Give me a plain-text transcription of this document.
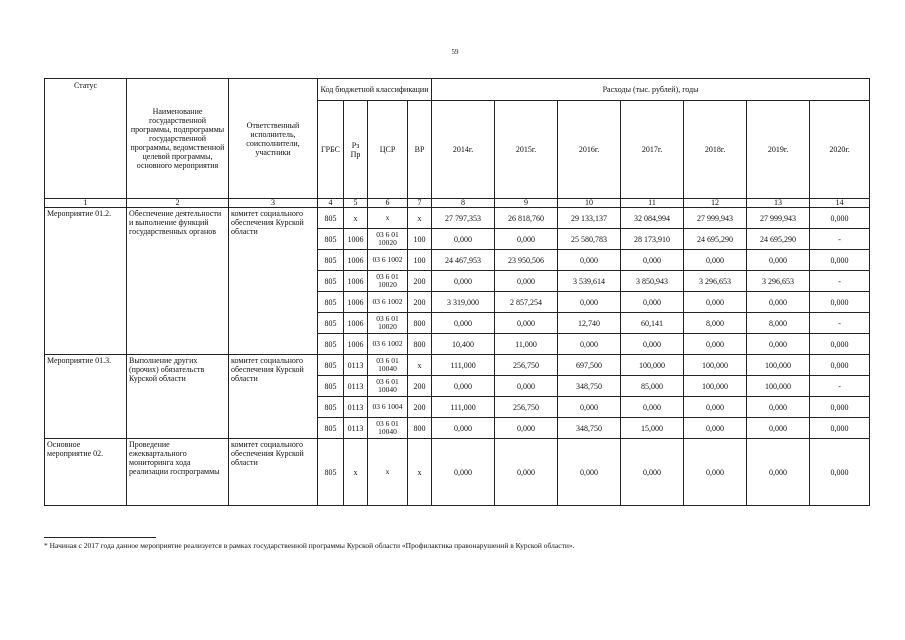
59
Статус	Наименование государственной программы, подпрограммы государственной программы, ведомственной целевой программы, основного мероприятия	Ответственный исполнитель, соисполнители, участники	Код бюджетной классификации				Расходы (тыс. рублей), годы						
			ГРБС	Рз Пр	ЦСР	ВР	2014г.	2015г.	2016г.	2017г.	2018г.	2019г.	2020г.
1	2	3	4	5	6	7	8	9	10	11	12	13	14
Мероприятие 01.2.	Обеспечение деятельности и выполнение функций государственных органов	комитет социального обеспечения Курской области	805	x	x	x	27 797,353	26 818,760	29 133,137	32 084,994	27 999,943	27 999,943	0,000
			805	1006	03 6 01 10020	100	0,000	0,000	25 580,783	28 173,910	24 695,290	24 695,290	-
			805	1006	03 6 1002	100	24 467,953	23 950,506	0,000	0,000	0,000	0,000	0,000
			805	1006	03 6 01 10020	200	0,000	0,000	3 539,614	3 850,943	3 296,653	3 296,653	-
			805	1006	03 6 1002	200	3 319,000	2 857,254	0,000	0,000	0,000	0,000	0,000
			805	1006	03 6 01 10020	800	0,000	0,000	12,740	60,141	8,000	8,000	-
			805	1006	03 6 1002	800	10,400	11,000	0,000	0,000	0,000	0,000	0,000
Мероприятие 01.3.	Выполнение других (прочих) обязательств Курской области	комитет социального обеспечения Курской области	805	0113	03 6 01 10040	x	111,000	256,750	697,500	100,000	100,000	100,000	0,000
			805	0113	03 6 01 10040	200	0,000	0,000	348,750	85,000	100,000	100,000	-
			805	0113	03 6 1004	200	111,000	256,750	0,000	0,000	0,000	0,000	0,000
			805	0113	03 6 01 10040	800	0,000	0,000	348,750	15,000	0,000	0,000	0,000
Основное мероприятие 02.	Проведение ежеквартального мониторинга хода реализации госпрограммы	комитет социального обеспечения Курской области	805	x	x	x	0,000	0,000	0,000	0,000	0,000	0,000	0,000
* Начиная с 2017 года данное мероприятие реализуется в рамках государственной программы Курской области «Профилактика правонарушений в Курской области».
